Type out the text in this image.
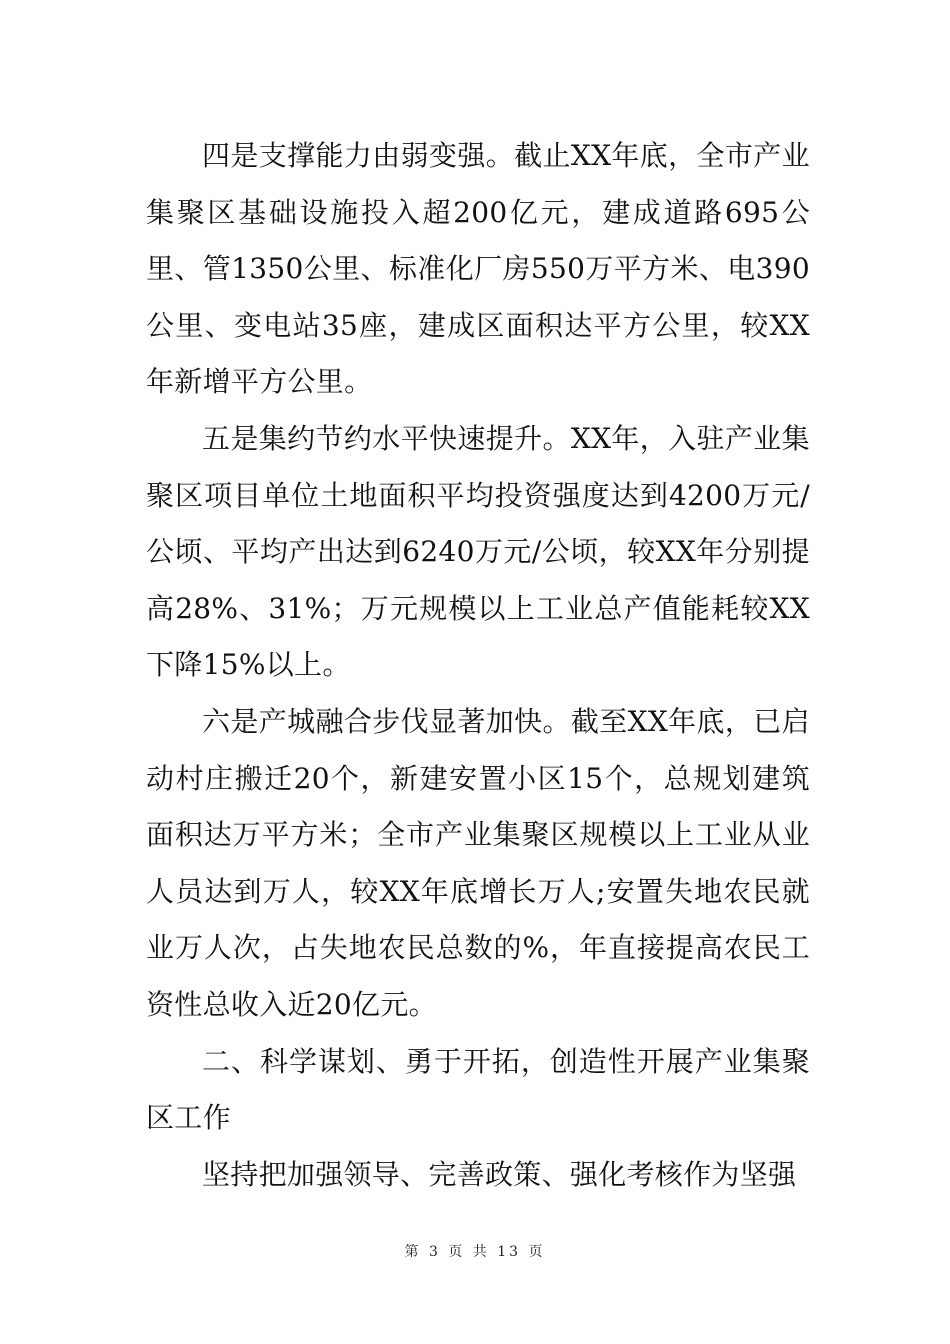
四是支撑能力由弱变强。截止XX年底，全市产业集聚区基础设施投入超200亿元，建成道路695公里、管1350公里、标准化厂房550万平方米、电390公里、变电站35座，建成区面积达平方公里，较XX年新增平方公里。

五是集约节约水平快速提升。XX年，入驻产业集聚区项目单位土地面积平均投资强度达到4200万元/公顷、平均产出达到6240万元/公顷，较XX年分别提高28%、31%；万元规模以上工业总产值能耗较XX下降15%以上。

六是产城融合步伐显著加快。截至XX年底，已启动村庄搬迁20个，新建安置小区15个，总规划建筑面积达万平方米；全市产业集聚区规模以上工业从业人员达到万人，较XX年底增长万人;安置失地农民就业万人次，占失地农民总数的%，年直接提高农民工资性总收入近20亿元。

二、科学谋划、勇于开拓，创造性开展产业集聚区工作

坚持把加强领导、完善政策、强化考核作为坚强

第 3 页 共 13 页
